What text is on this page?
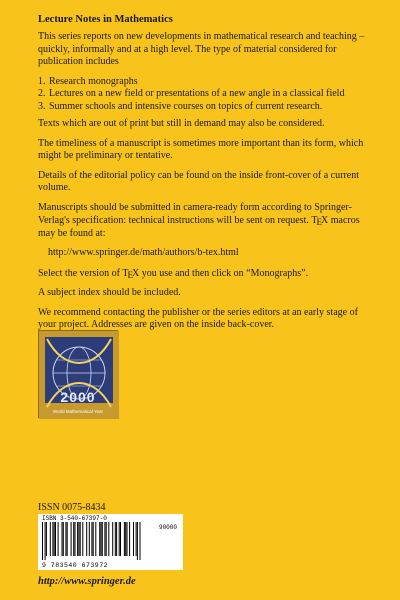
Lecture Notes in Mathematics

This series reports on new developments in mathematical research and teaching – quickly, informally and at a high level. The type of material considered for publication includes

1. Research monographs
2. Lectures on a new field or presentations of a new angle in a classical field
3. Summer schools and intensive courses on topics of current research.

Texts which are out of print but still in demand may also be considered.

The timeliness of a manuscript is sometimes more important than its form, which might be preliminary or tentative.

Details of the editorial policy can be found on the inside front-cover of a current volume.

Manuscripts should be submitted in camera-ready form according to Springer-Verlag's specification: technical instructions will be sent on request. TEX macros may be found at:

http://www.springer.de/math/authors/b-tex.html

Select the version of TEX you use and then click on “Monographs”.

A subject index should be included.

We recommend contacting the publisher or the series editors at an early stage of your project. Addresses are given on the inside back-cover.

2000
World Mathematical Year
ISSN 0075-8434
ISBN 3-540-67397-0
90000
9 783540 673972
http://www.springer.de
